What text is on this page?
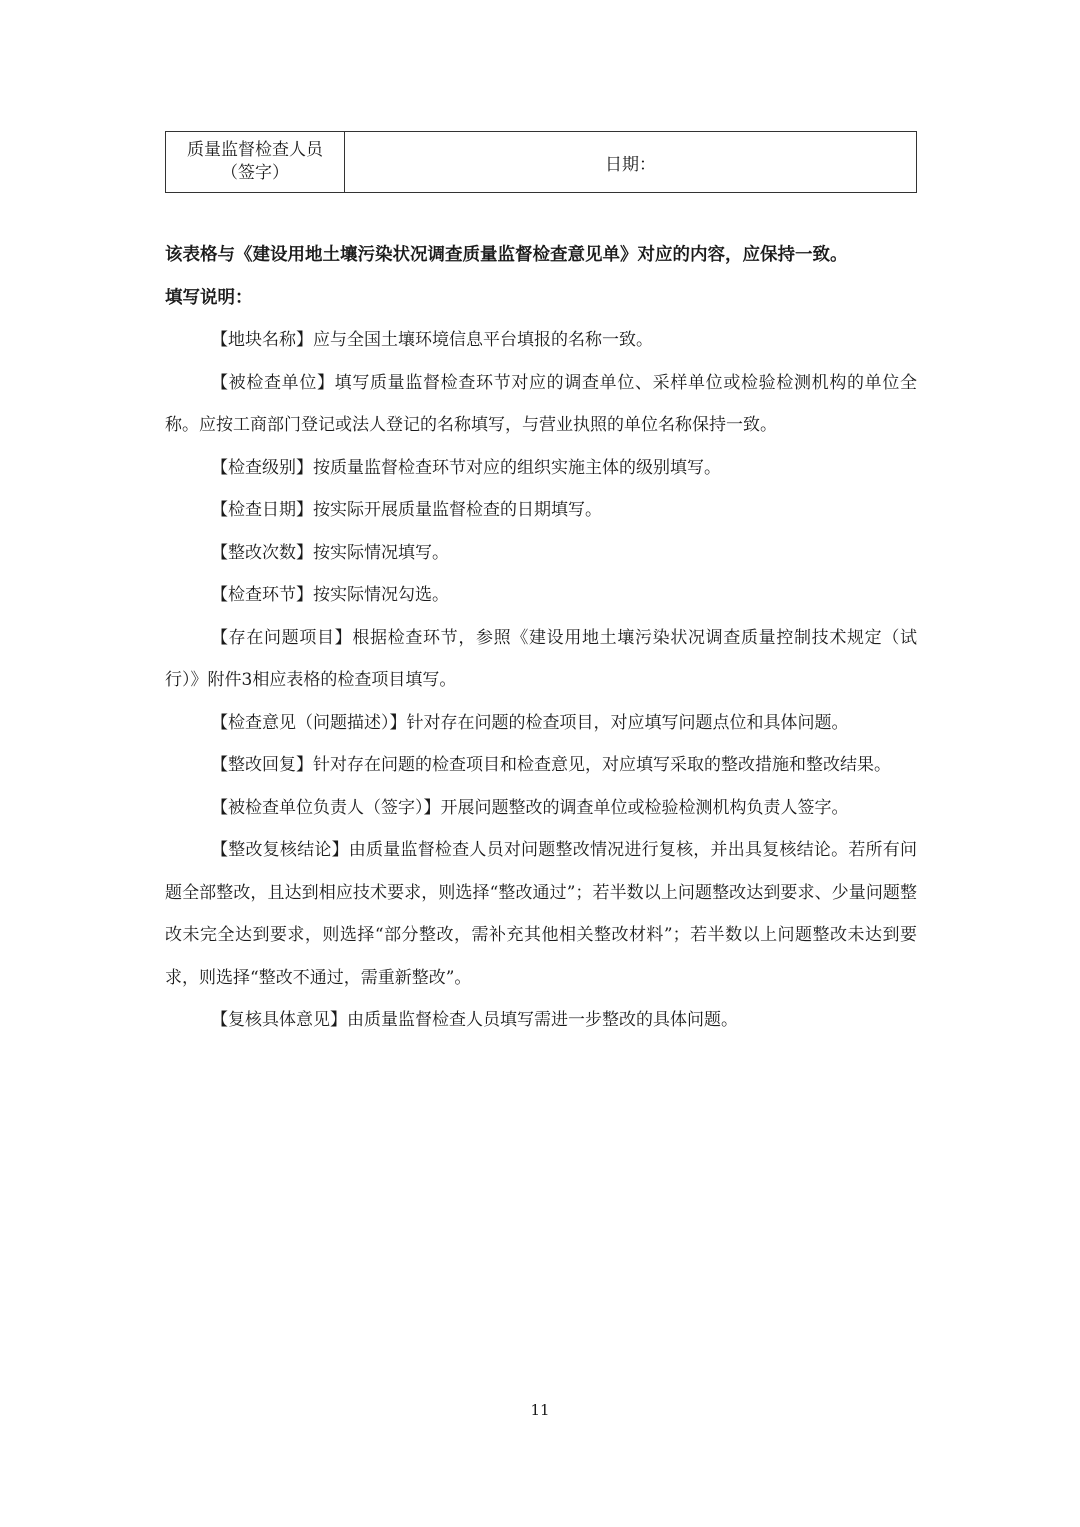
质量监督检查人员
（签字）	日期：

该表格与《建设用地土壤污染状况调查质量监督检查意见单》对应的内容，应保持一致。

填写说明：

【地块名称】应与全国土壤环境信息平台填报的名称一致。

【被检查单位】填写质量监督检查环节对应的调查单位、采样单位或检验检测机构的单位全称。应按工商部门登记或法人登记的名称填写，与营业执照的单位名称保持一致。

【检查级别】按质量监督检查环节对应的组织实施主体的级别填写。

【检查日期】按实际开展质量监督检查的日期填写。

【整改次数】按实际情况填写。

【检查环节】按实际情况勾选。

【存在问题项目】根据检查环节，参照《建设用地土壤污染状况调查质量控制技术规定（试行）》附件3相应表格的检查项目填写。

【检查意见（问题描述）】针对存在问题的检查项目，对应填写问题点位和具体问题。

【整改回复】针对存在问题的检查项目和检查意见，对应填写采取的整改措施和整改结果。

【被检查单位负责人（签字）】开展问题整改的调查单位或检验检测机构负责人签字。

【整改复核结论】由质量监督检查人员对问题整改情况进行复核，并出具复核结论。若所有问题全部整改，且达到相应技术要求，则选择“整改通过”；若半数以上问题整改达到要求、少量问题整改未完全达到要求，则选择“部分整改，需补充其他相关整改材料”；若半数以上问题整改未达到要求，则选择“整改不通过，需重新整改”。

【复核具体意见】由质量监督检查人员填写需进一步整改的具体问题。

11
